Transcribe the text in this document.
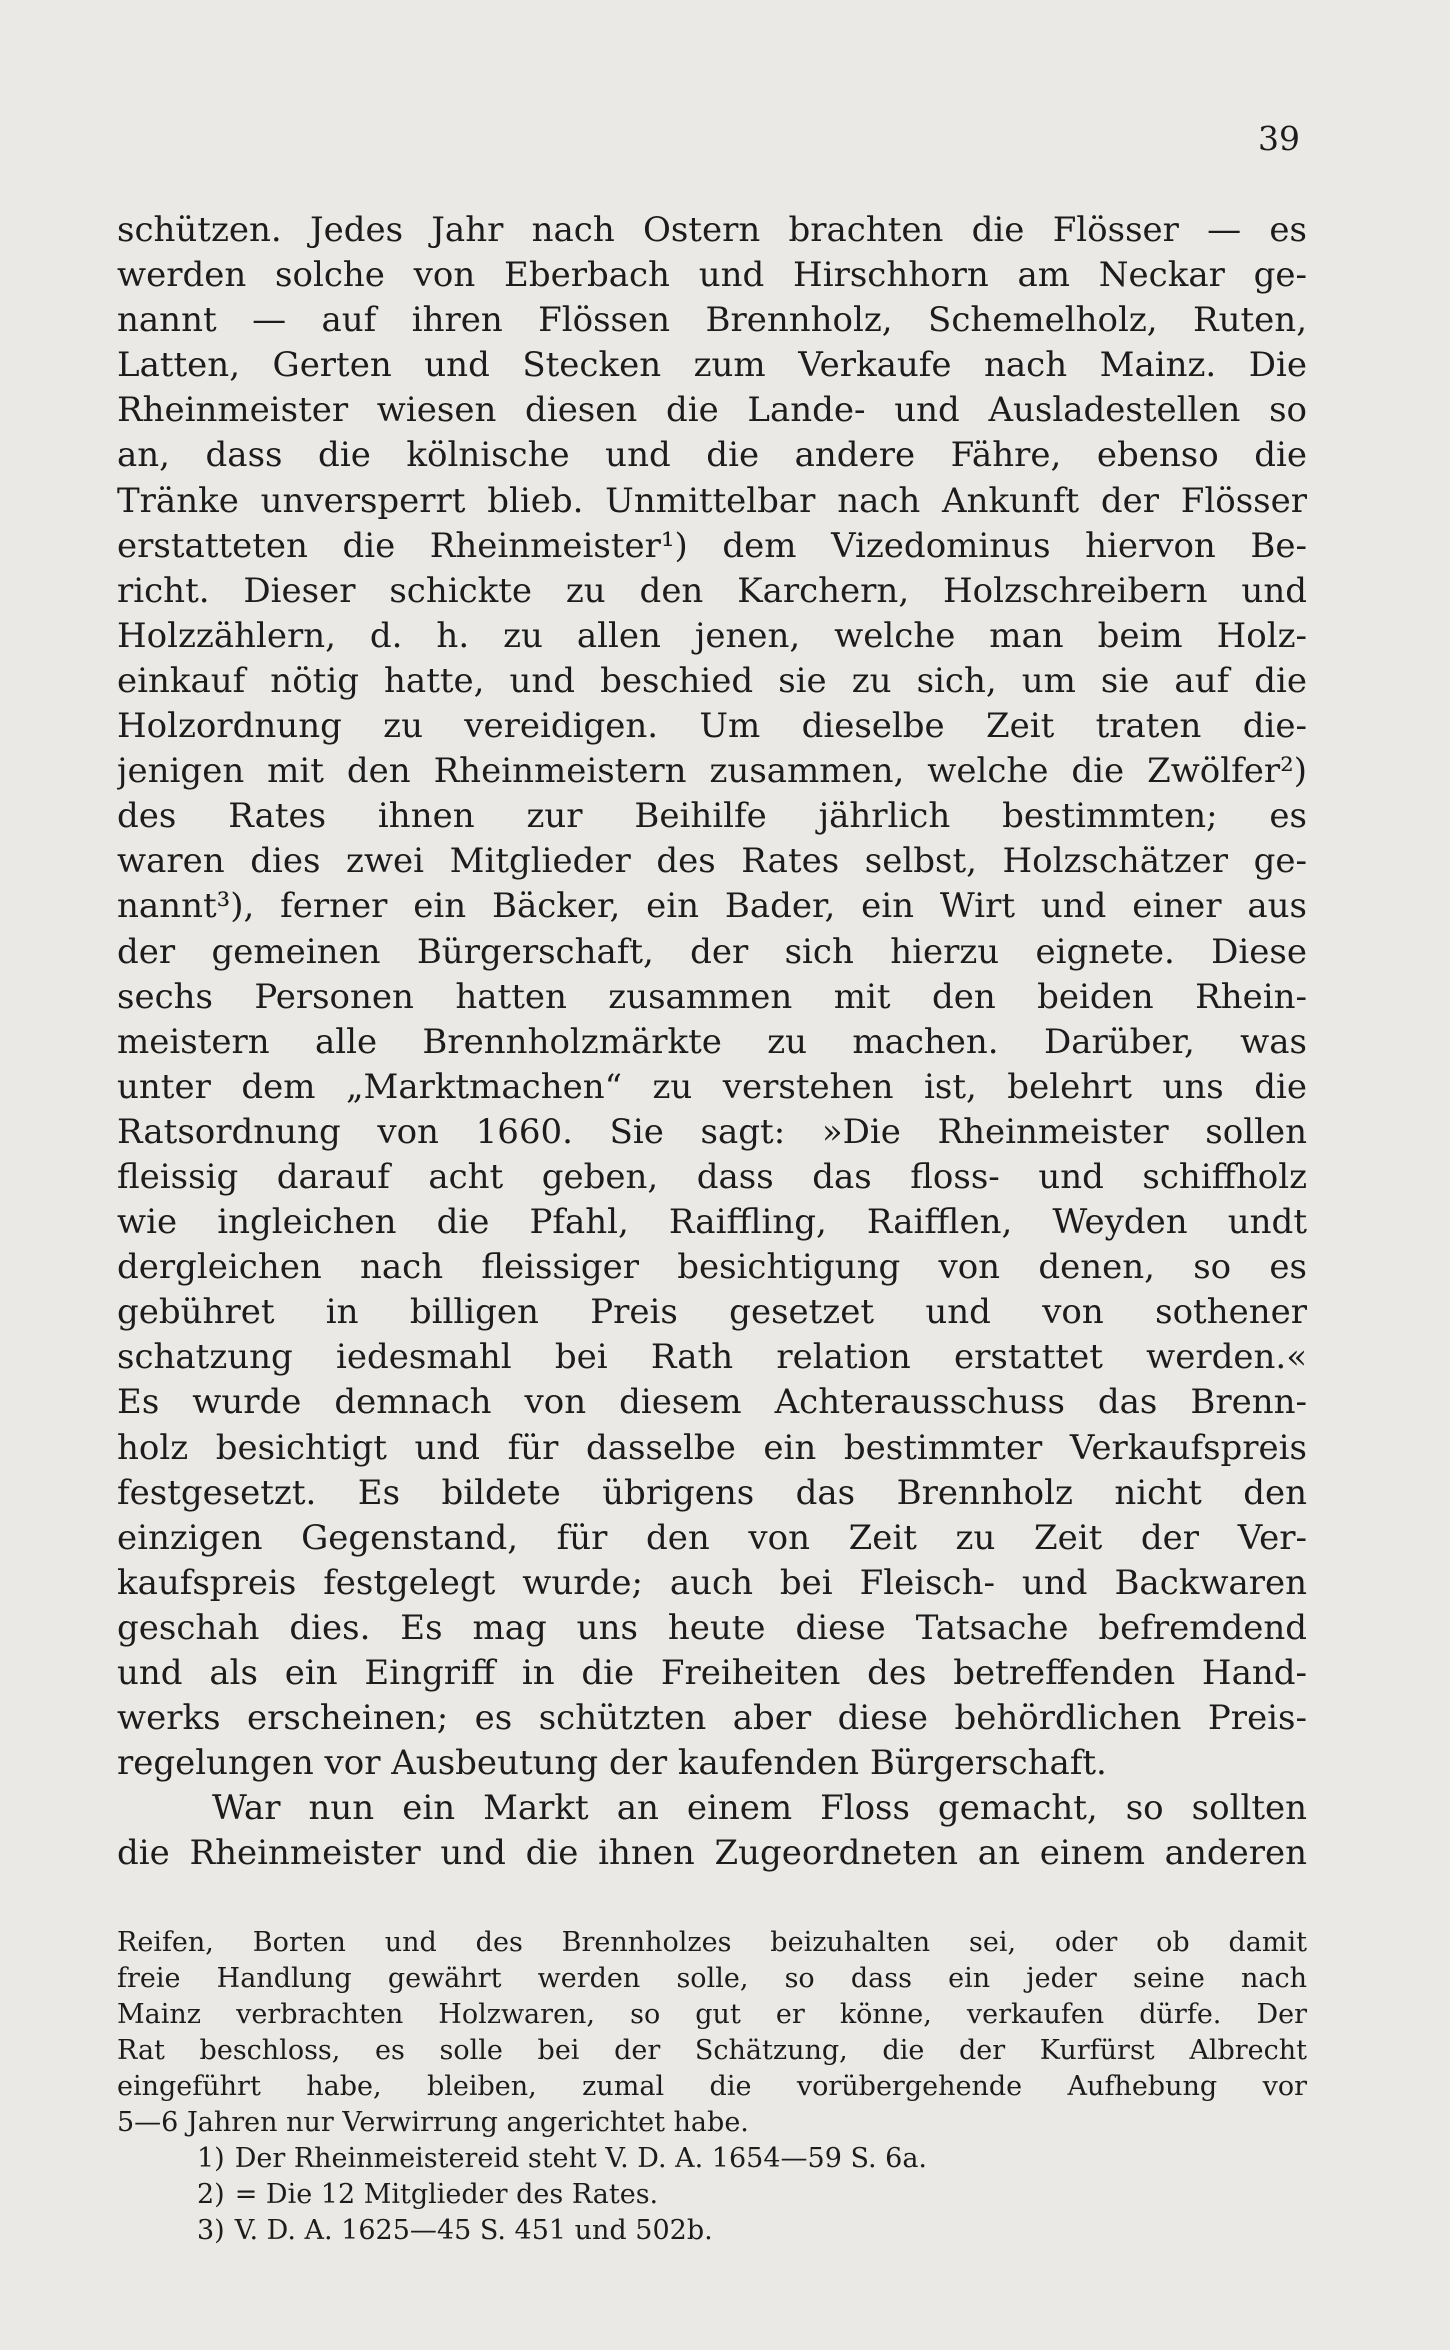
39
schützen. Jedes Jahr nach Ostern brachten die Flösser — es
werden solche von Eberbach und Hirschhorn am Neckar ge-
nannt — auf ihren Flössen Brennholz, Schemelholz, Ruten,
Latten, Gerten und Stecken zum Verkaufe nach Mainz. Die
Rheinmeister wiesen diesen die Lande- und Ausladestellen so
an, dass die kölnische und die andere Fähre, ebenso die
Tränke unversperrt blieb. Unmittelbar nach Ankunft der Flösser
erstatteten die Rheinmeister¹) dem Vizedominus hiervon Be-
richt. Dieser schickte zu den Karchern, Holzschreibern und
Holzzählern, d. h. zu allen jenen, welche man beim Holz-
einkauf nötig hatte, und beschied sie zu sich, um sie auf die
Holzordnung zu vereidigen. Um dieselbe Zeit traten die-
jenigen mit den Rheinmeistern zusammen, welche die Zwölfer²)
des Rates ihnen zur Beihilfe jährlich bestimmten; es
waren dies zwei Mitglieder des Rates selbst, Holzschätzer ge-
nannt³), ferner ein Bäcker, ein Bader, ein Wirt und einer aus
der gemeinen Bürgerschaft, der sich hierzu eignete. Diese
sechs Personen hatten zusammen mit den beiden Rhein-
meistern alle Brennholzmärkte zu machen. Darüber, was
unter dem „Marktmachen“ zu verstehen ist, belehrt uns die
Ratsordnung von 1660. Sie sagt: »Die Rheinmeister sollen
fleissig darauf acht geben, dass das floss- und schiffholz
wie ingleichen die Pfahl, Raiffling, Raifflen, Weyden undt
dergleichen nach fleissiger besichtigung von denen, so es
gebühret in billigen Preis gesetzet und von sothener
schatzung iedesmahl bei Rath relation erstattet werden.«
Es wurde demnach von diesem Achterausschuss das Brenn-
holz besichtigt und für dasselbe ein bestimmter Verkaufspreis
festgesetzt. Es bildete übrigens das Brennholz nicht den
einzigen Gegenstand, für den von Zeit zu Zeit der Ver-
kaufspreis festgelegt wurde; auch bei Fleisch- und Backwaren
geschah dies. Es mag uns heute diese Tatsache befremdend
und als ein Eingriff in die Freiheiten des betreffenden Hand-
werks erscheinen; es schützten aber diese behördlichen Preis-
regelungen vor Ausbeutung der kaufenden Bürgerschaft.
War nun ein Markt an einem Floss gemacht, so sollten
die Rheinmeister und die ihnen Zugeordneten an einem anderen
Reifen, Borten und des Brennholzes beizuhalten sei, oder ob damit
freie Handlung gewährt werden solle, so dass ein jeder seine nach
Mainz verbrachten Holzwaren, so gut er könne, verkaufen dürfe. Der
Rat beschloss, es solle bei der Schätzung, die der Kurfürst Albrecht
eingeführt habe, bleiben, zumal die vorübergehende Aufhebung vor
5—6 Jahren nur Verwirrung angerichtet habe.
1) Der Rheinmeistereid steht V. D. A. 1654—59 S. 6a.
2) = Die 12 Mitglieder des Rates.
3) V. D. A. 1625—45 S. 451 und 502b.
